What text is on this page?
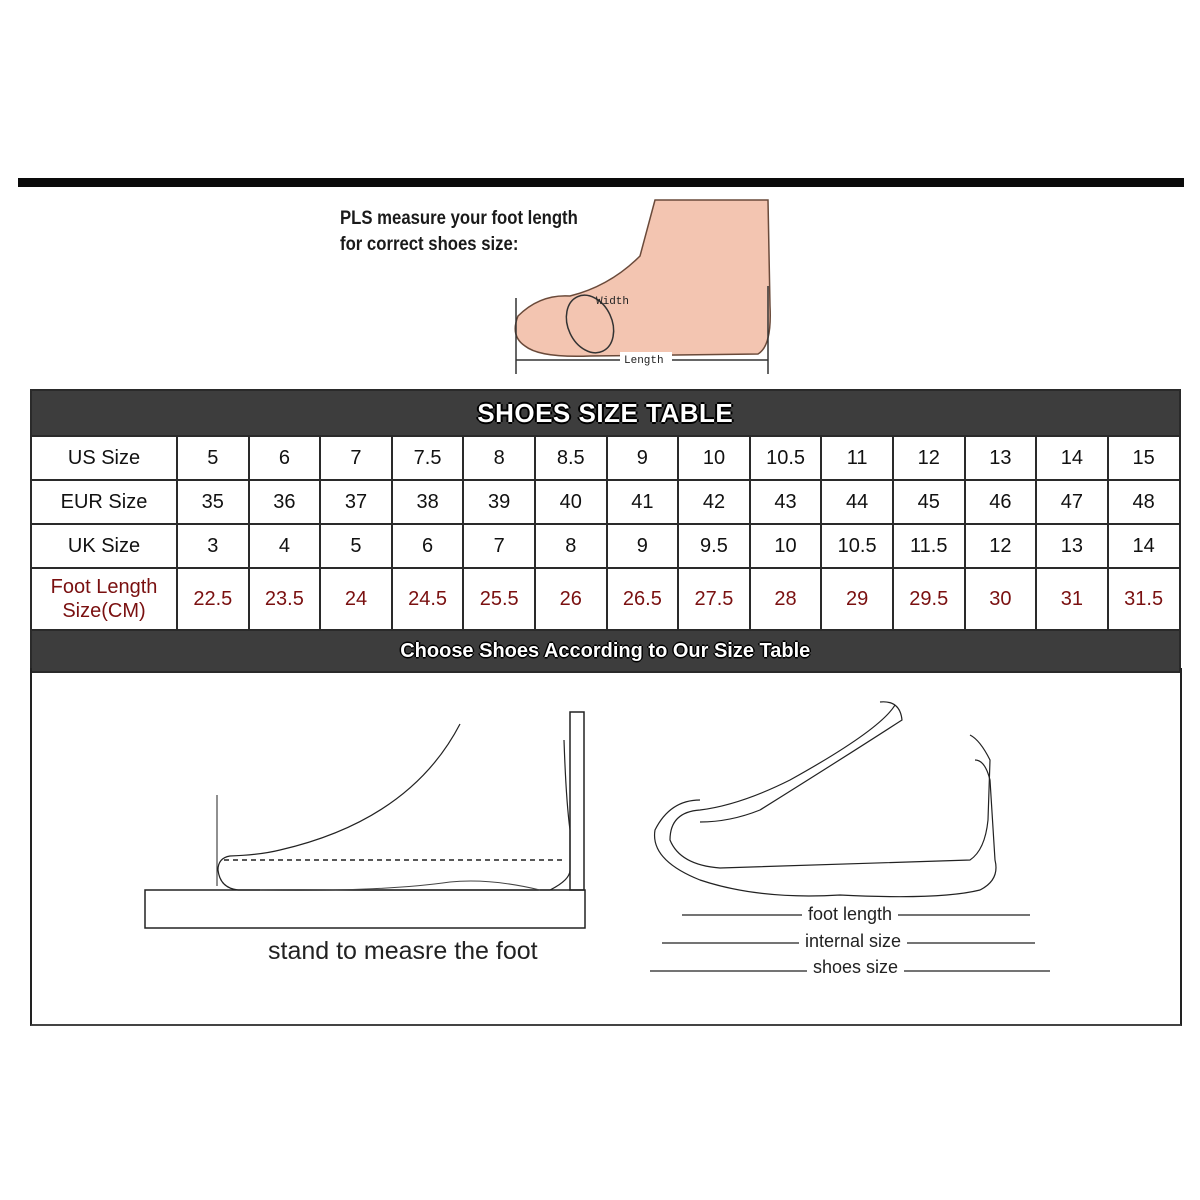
PLS measure your foot length
for correct shoes size:
Width
Length
SHOES SIZE TABLE														
US Size	5	6	7	7.5	8	8.5	9	10	10.5	11	12	13	14	15
EUR Size	35	36	37	38	39	40	41	42	43	44	45	46	47	48
UK Size	3	4	5	6	7	8	9	9.5	10	10.5	11.5	12	13	14

Foot Length
Size(CM)	22.5	23.5	24	24.5	25.5	26	26.5	27.5	28	29	29.5	30	31	31.5
Choose Shoes According to Our Size Table														
stand to measre the foot
foot length
internal size
shoes size
